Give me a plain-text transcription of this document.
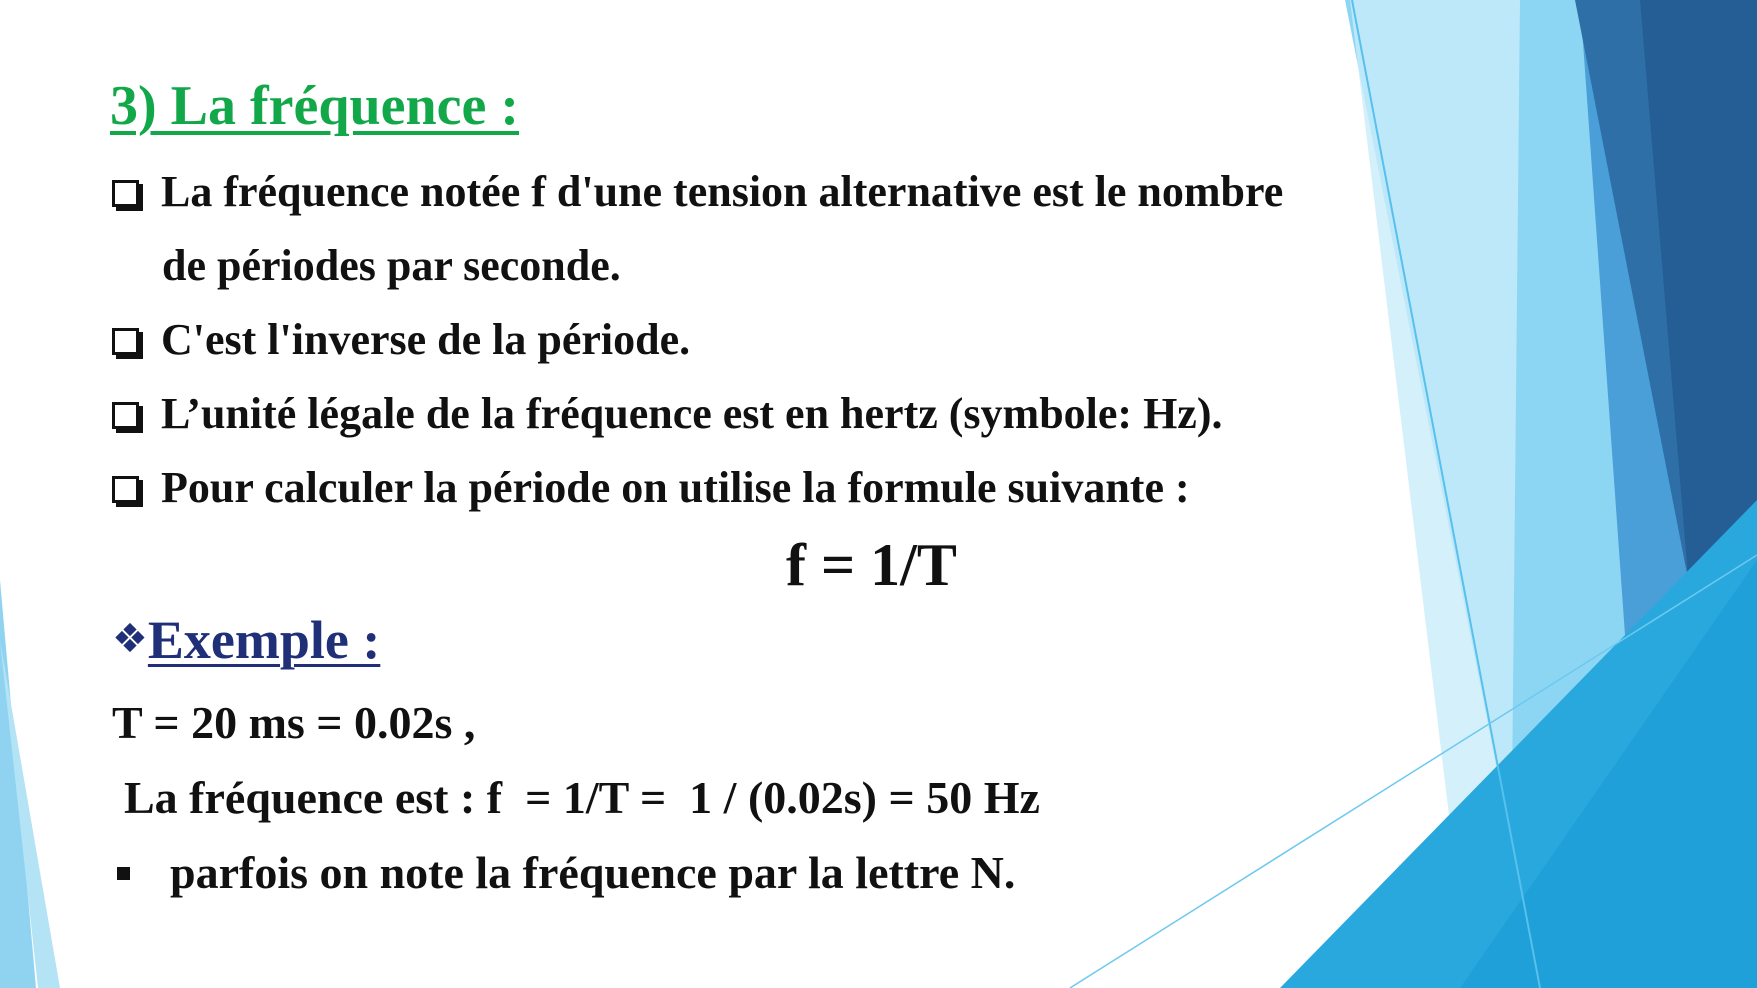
3) La fréquence :
La fréquence notée f d'une tension alternative est le nombre
de périodes par seconde.
C'est l'inverse de la période.
L’unité légale de la fréquence est en hertz (symbole: Hz).
Pour calculer la période on utilise la formule suivante :
f = 1/T
❖Exemple :
T = 20 ms = 0.02s ,
La fréquence est : f  = 1/T =  1 / (0.02s) = 50 Hz
parfois on note la fréquence par la lettre N.
